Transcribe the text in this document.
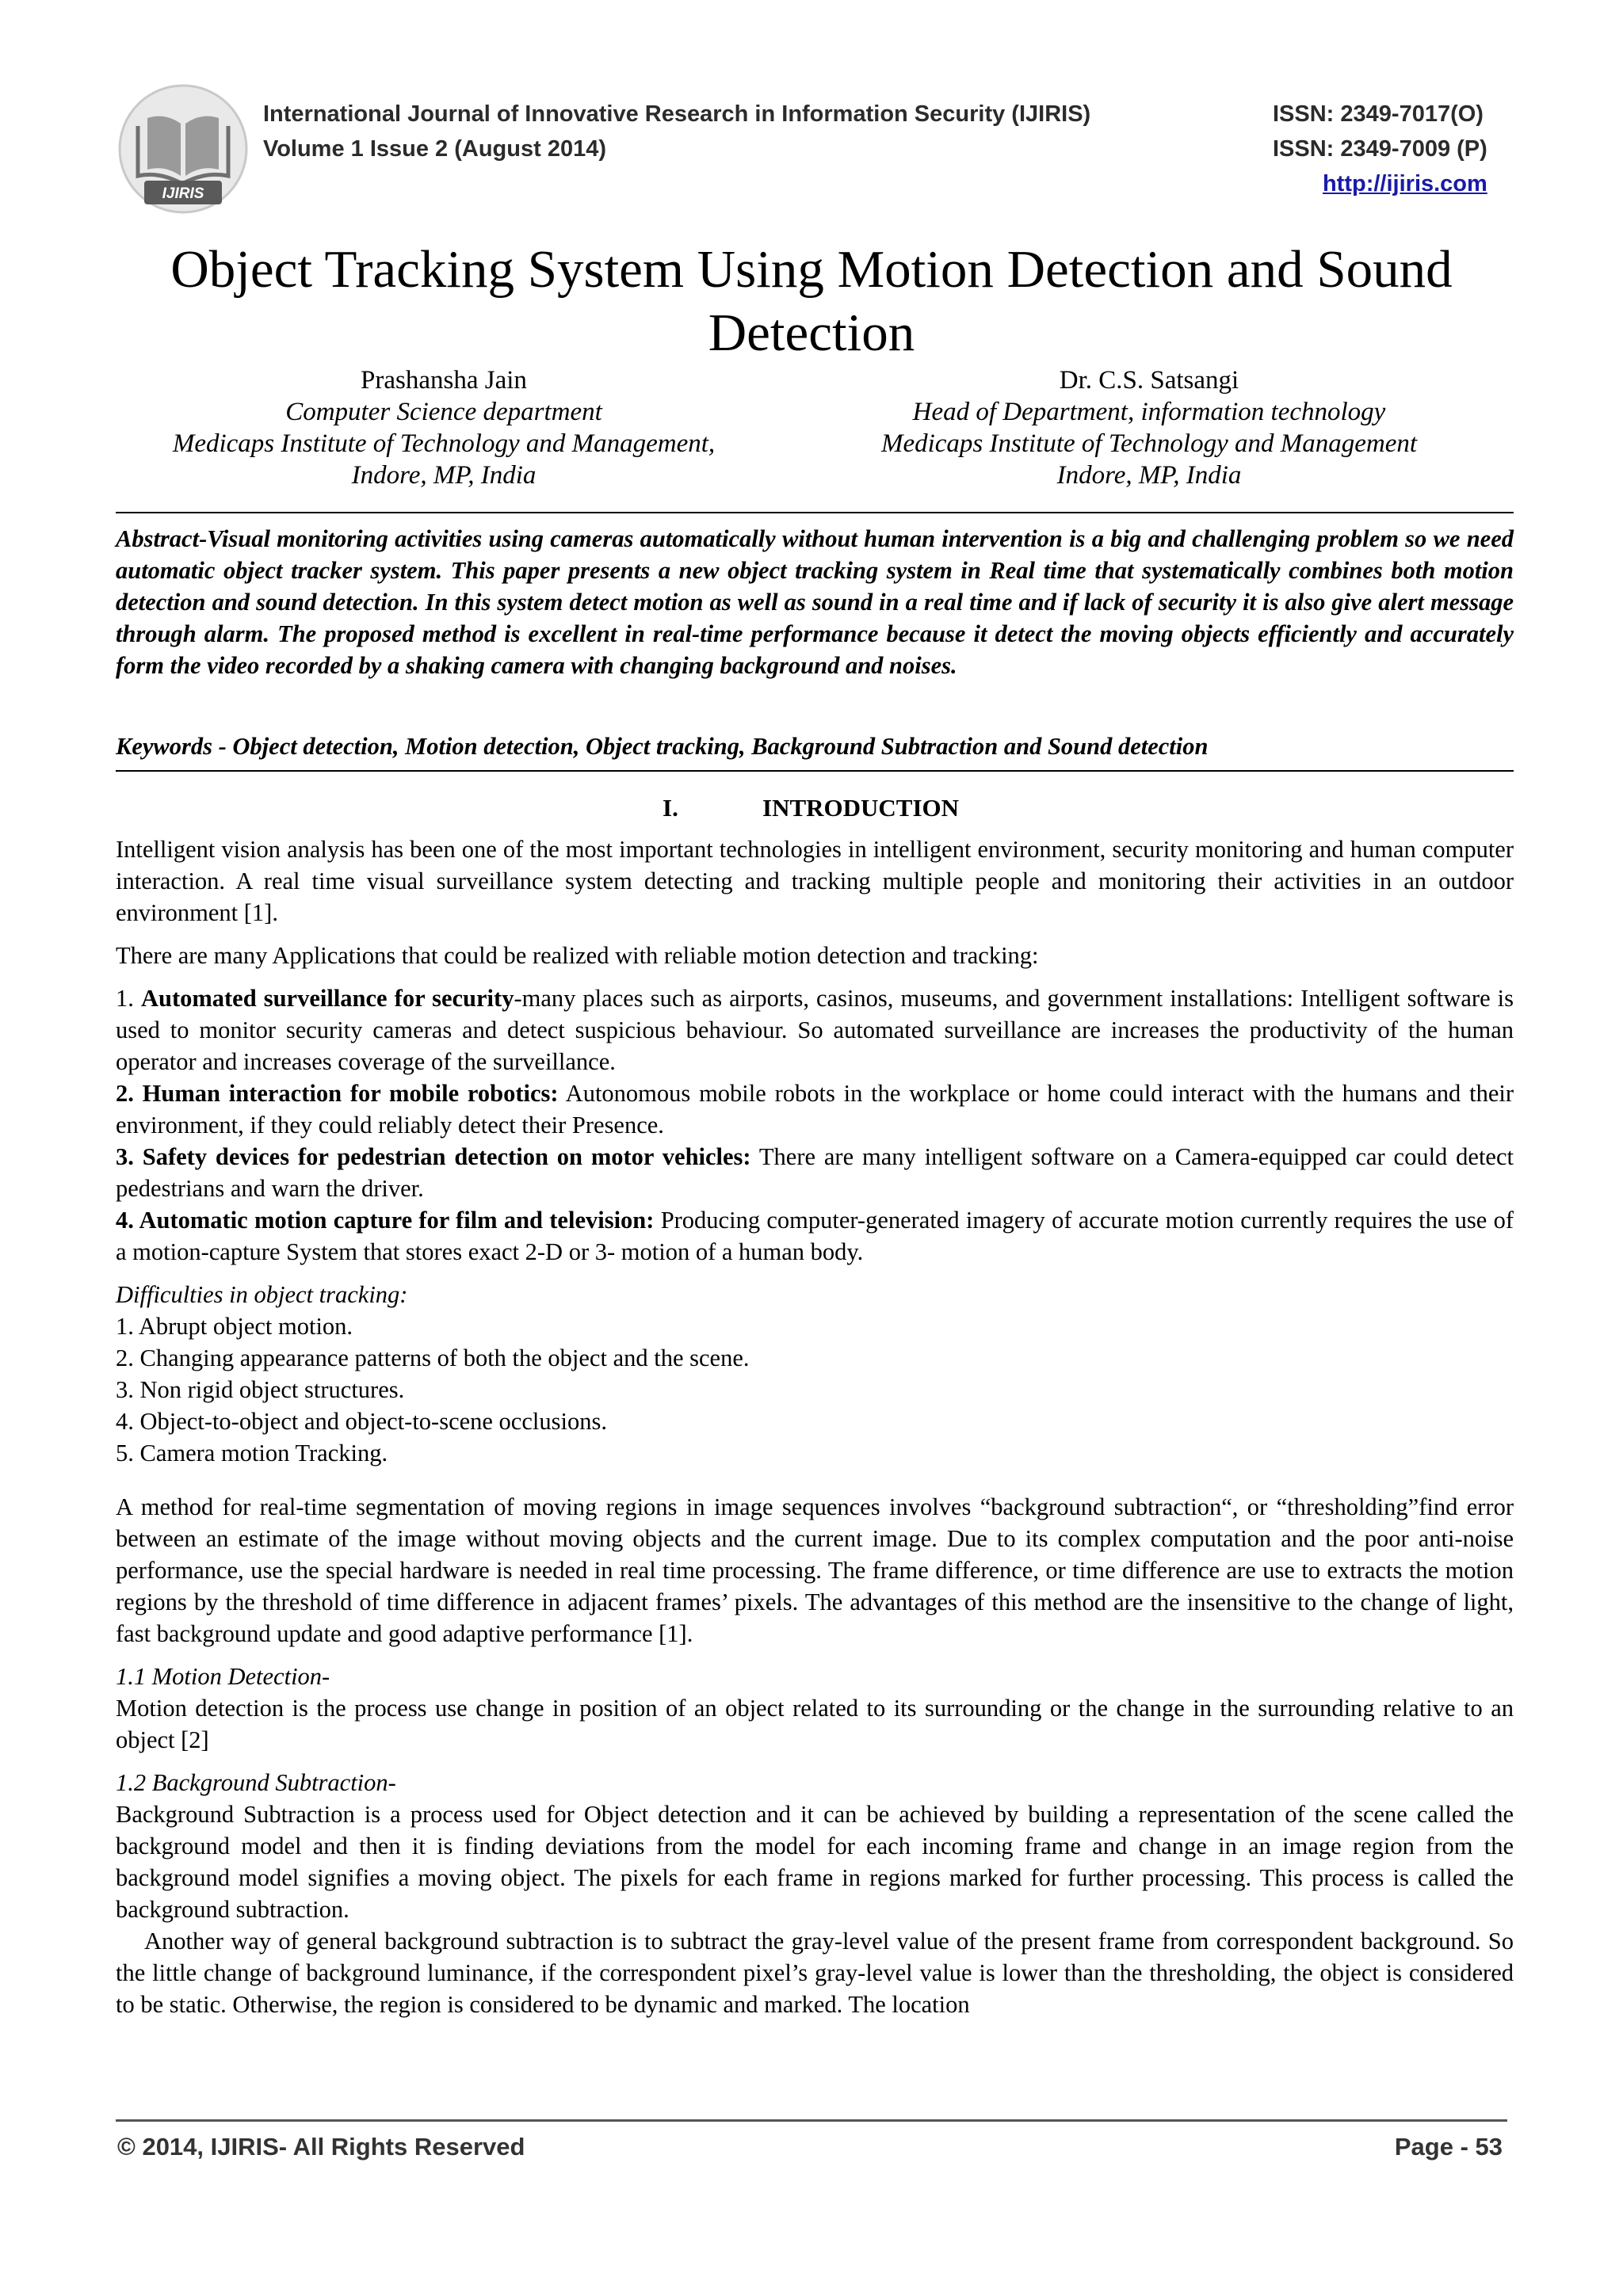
IJIRIS
International Journal of Innovative Research in Information Security (IJIRIS)
Volume 1 Issue 2 (August 2014)
ISSN: 2349-7017(O)
ISSN: 2349-7009 (P)
http://ijiris.com
Object Tracking System Using Motion Detection and Sound Detection
Prashansha Jain
Computer Science department
Medicaps Institute of Technology and Management,
Indore, MP, India
Dr. C.S. Satsangi
Head of Department, information technology
Medicaps Institute of Technology and Management
Indore, MP, India
Abstract-Visual monitoring activities using cameras automatically without human intervention is a big and challenging problem so we need automatic object tracker system. This paper presents a new object tracking system in Real time that systematically combines both motion detection and sound detection. In this system detect motion as well as sound in a real time and if lack of security it is also give alert message through alarm. The proposed method is excellent in real-time performance because it detect the moving objects efficiently and accurately form the video recorded by a shaking camera with changing background and noises.
Keywords - Object detection, Motion detection, Object tracking, Background Subtraction and Sound detection
I.	INTRODUCTION

Intelligent vision analysis has been one of the most important technologies in intelligent environment, security monitoring and human computer interaction. A real time visual surveillance system detecting and tracking multiple people and monitoring their activities in an outdoor environment [1].

There are many Applications that could be realized with reliable motion detection and tracking:

1. Automated surveillance for security-many places such as airports, casinos, museums, and government installations: Intelligent software is used to monitor security cameras and detect suspicious behaviour. So automated surveillance are increases the productivity of the human operator and increases coverage of the surveillance.

2. Human interaction for mobile robotics: Autonomous mobile robots in the workplace or home could interact with the humans and their environment, if they could reliably detect their Presence.

3. Safety devices for pedestrian detection on motor vehicles: There are many intelligent software on a Camera-equipped car could detect pedestrians and warn the driver.

4. Automatic motion capture for film and television: Producing computer-generated imagery of accurate motion currently requires the use of a motion-capture System that stores exact 2-D or 3- motion of a human body.

Difficulties in object tracking:

1. Abrupt object motion.

2. Changing appearance patterns of both the object and the scene.

3. Non rigid object structures.

4. Object-to-object and object-to-scene occlusions.

5. Camera motion Tracking.

A method for real-time segmentation of moving regions in image sequences involves “background subtraction“, or “thresholding”find error between an estimate of the image without moving objects and the current image. Due to its complex computation and the poor anti-noise performance, use the special hardware is needed in real time processing. The frame difference, or time difference are use to extracts the motion regions by the threshold of time difference in adjacent frames’ pixels. The advantages of this method are the insensitive to the change of light, fast background update and good adaptive performance [1].

1.1 Motion Detection-

Motion detection is the process use change in position of an object related to its surrounding or the change in the surrounding relative to an object [2]

1.2 Background Subtraction-

Background Subtraction is a process used for Object detection and it can be achieved by building a representation of the scene called the background model and then it is finding deviations from the model for each incoming frame and change in an image region from the background model signifies a moving object. The pixels for each frame in regions marked for further processing. This process is called the background subtraction.

Another way of general background subtraction is to subtract the gray-level value of the present frame from correspondent background. So the little change of background luminance, if the correspondent pixel’s gray-level value is lower than the thresholding, the object is considered to be static. Otherwise, the region is considered to be dynamic and marked. The location

© 2014, IJIRIS- All Rights Reserved	Page - 53
